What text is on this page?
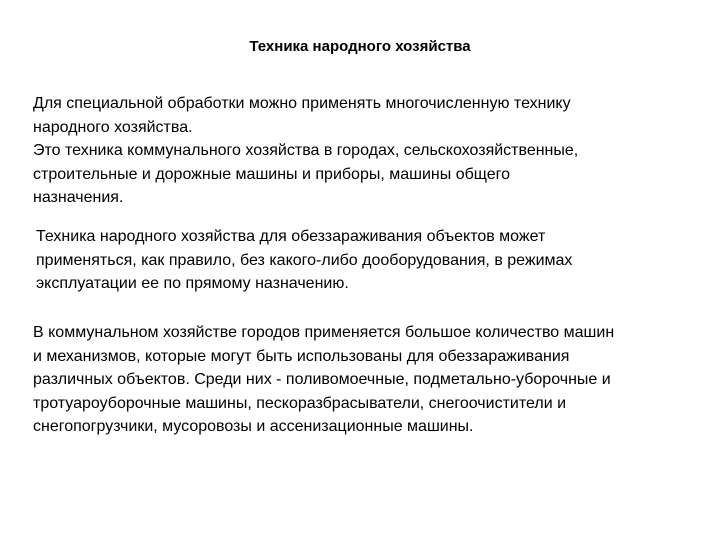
Техника народного хозяйства
Для специальной обработки можно применять многочисленную технику
народного хозяйства.
Это техника коммунального хозяйства в городах, сельскохозяйственные,
строительные и дорожные машины и приборы, машины общего
назначения.
Техника народного хозяйства для обеззараживания объектов может
применяться, как правило, без какого-либо дооборудования, в режимах
эксплуатации ее по прямому назначению.
В коммунальном хозяйстве городов применяется большое количество машин
и механизмов, которые могут быть использованы для обеззараживания
различных объектов. Среди них - поливомоечные, подметально-уборочные и
тротуароуборочные машины, пескоразбрасыватели, снегоочистители и
снегопогрузчики, мусоровозы и ассенизационные машины.
